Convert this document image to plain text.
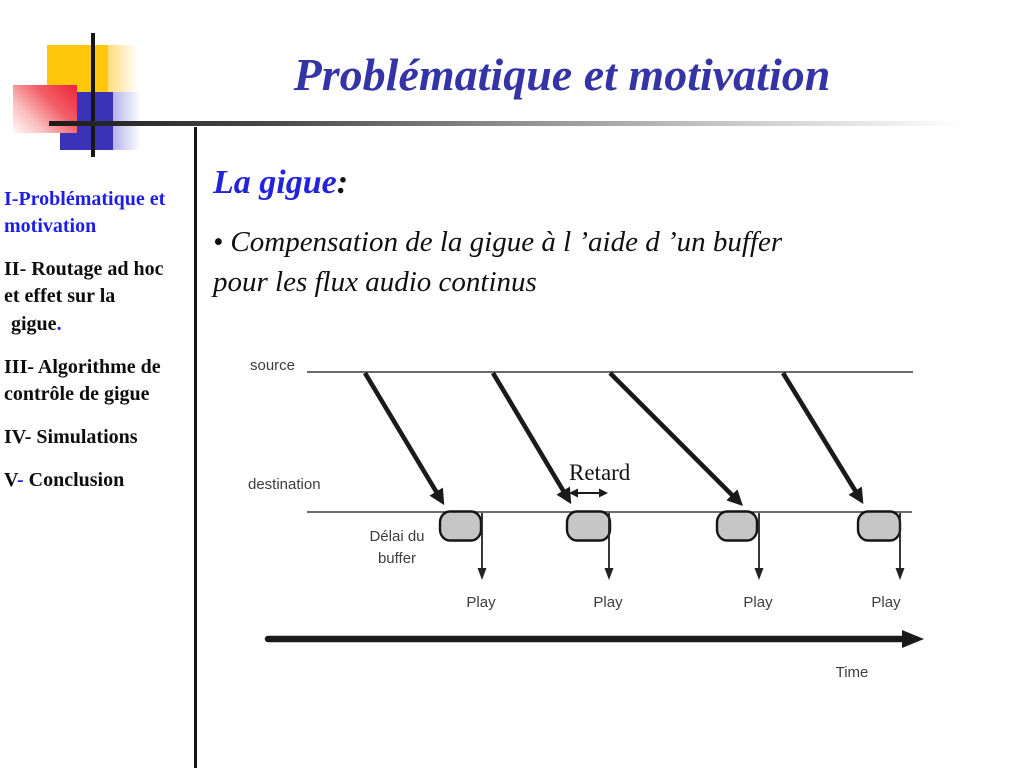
Problématique et motivation
I-Problématique et
motivation
II- Routage ad hoc
et effet sur la
gigue.
III- Algorithme de
contrôle de gigue
IV- Simulations
V- Conclusion
La gigue:
• Compensation de la gigue à l ’aide d ’un buffer
pour les flux audio continus
source
destination	Retard
Délai du
buffer
Play	Play	Play	Play
Time
